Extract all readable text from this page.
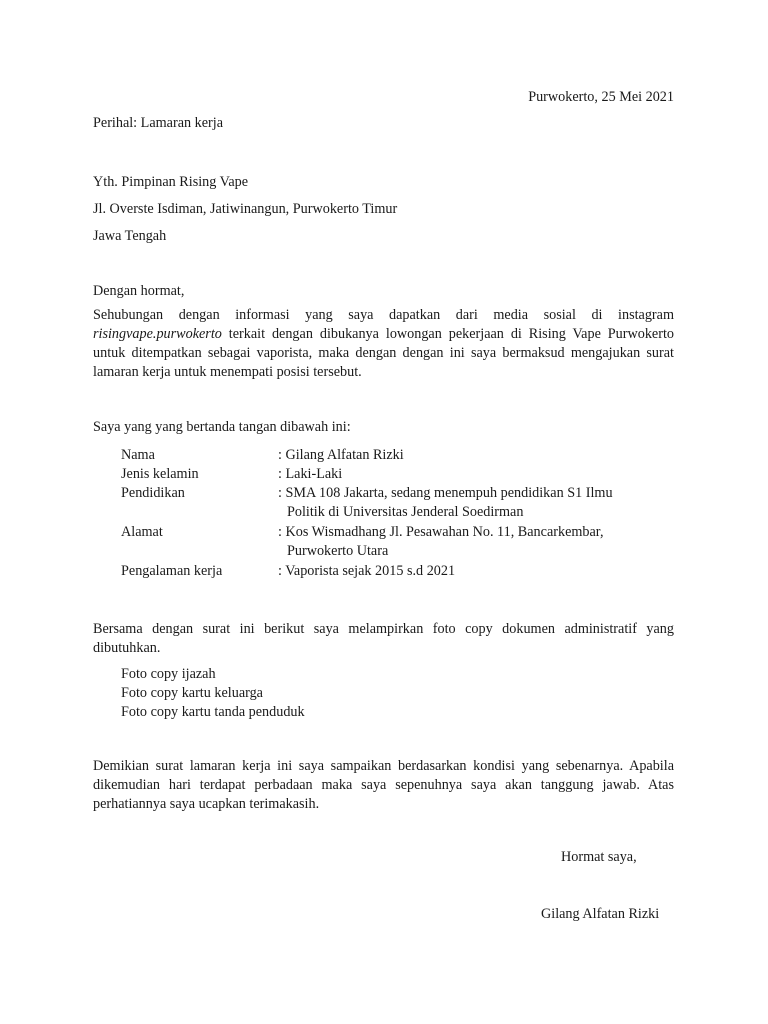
Purwokerto, 25 Mei 2021
Perihal: Lamaran kerja
Yth. Pimpinan Rising Vape
Jl. Overste Isdiman, Jatiwinangun, Purwokerto Timur
Jawa Tengah
Dengan hormat,
Sehubungan dengan informasi yang saya dapatkan dari media sosial di instagram risingvape.purwokerto terkait dengan dibukanya lowongan pekerjaan di Rising Vape Purwokerto untuk ditempatkan sebagai vaporista, maka dengan dengan ini saya bermaksud mengajukan surat lamaran kerja untuk menempati posisi tersebut.
Saya yang yang bertanda tangan dibawah ini:
Nama	: Gilang Alfatan Rizki
Jenis kelamin	: Laki-Laki
Pendidikan	: SMA 108 Jakarta, sedang menempuh pendidikan S1 Ilmu
Politik di Universitas Jenderal Soedirman
Alamat	: Kos Wismadhang Jl. Pesawahan No. 11, Bancarkembar,
Purwokerto Utara
Pengalaman kerja	: Vaporista sejak 2015 s.d 2021
Bersama dengan surat ini berikut saya melampirkan foto copy dokumen administratif yang dibutuhkan.
Foto copy ijazah
Foto copy kartu keluarga
Foto copy kartu tanda penduduk
Demikian surat lamaran kerja ini saya sampaikan berdasarkan kondisi yang sebenarnya. Apabila dikemudian hari terdapat perbadaan maka saya sepenuhnya saya akan tanggung jawab. Atas perhatiannya saya ucapkan terimakasih.
Hormat saya,
Gilang Alfatan Rizki
